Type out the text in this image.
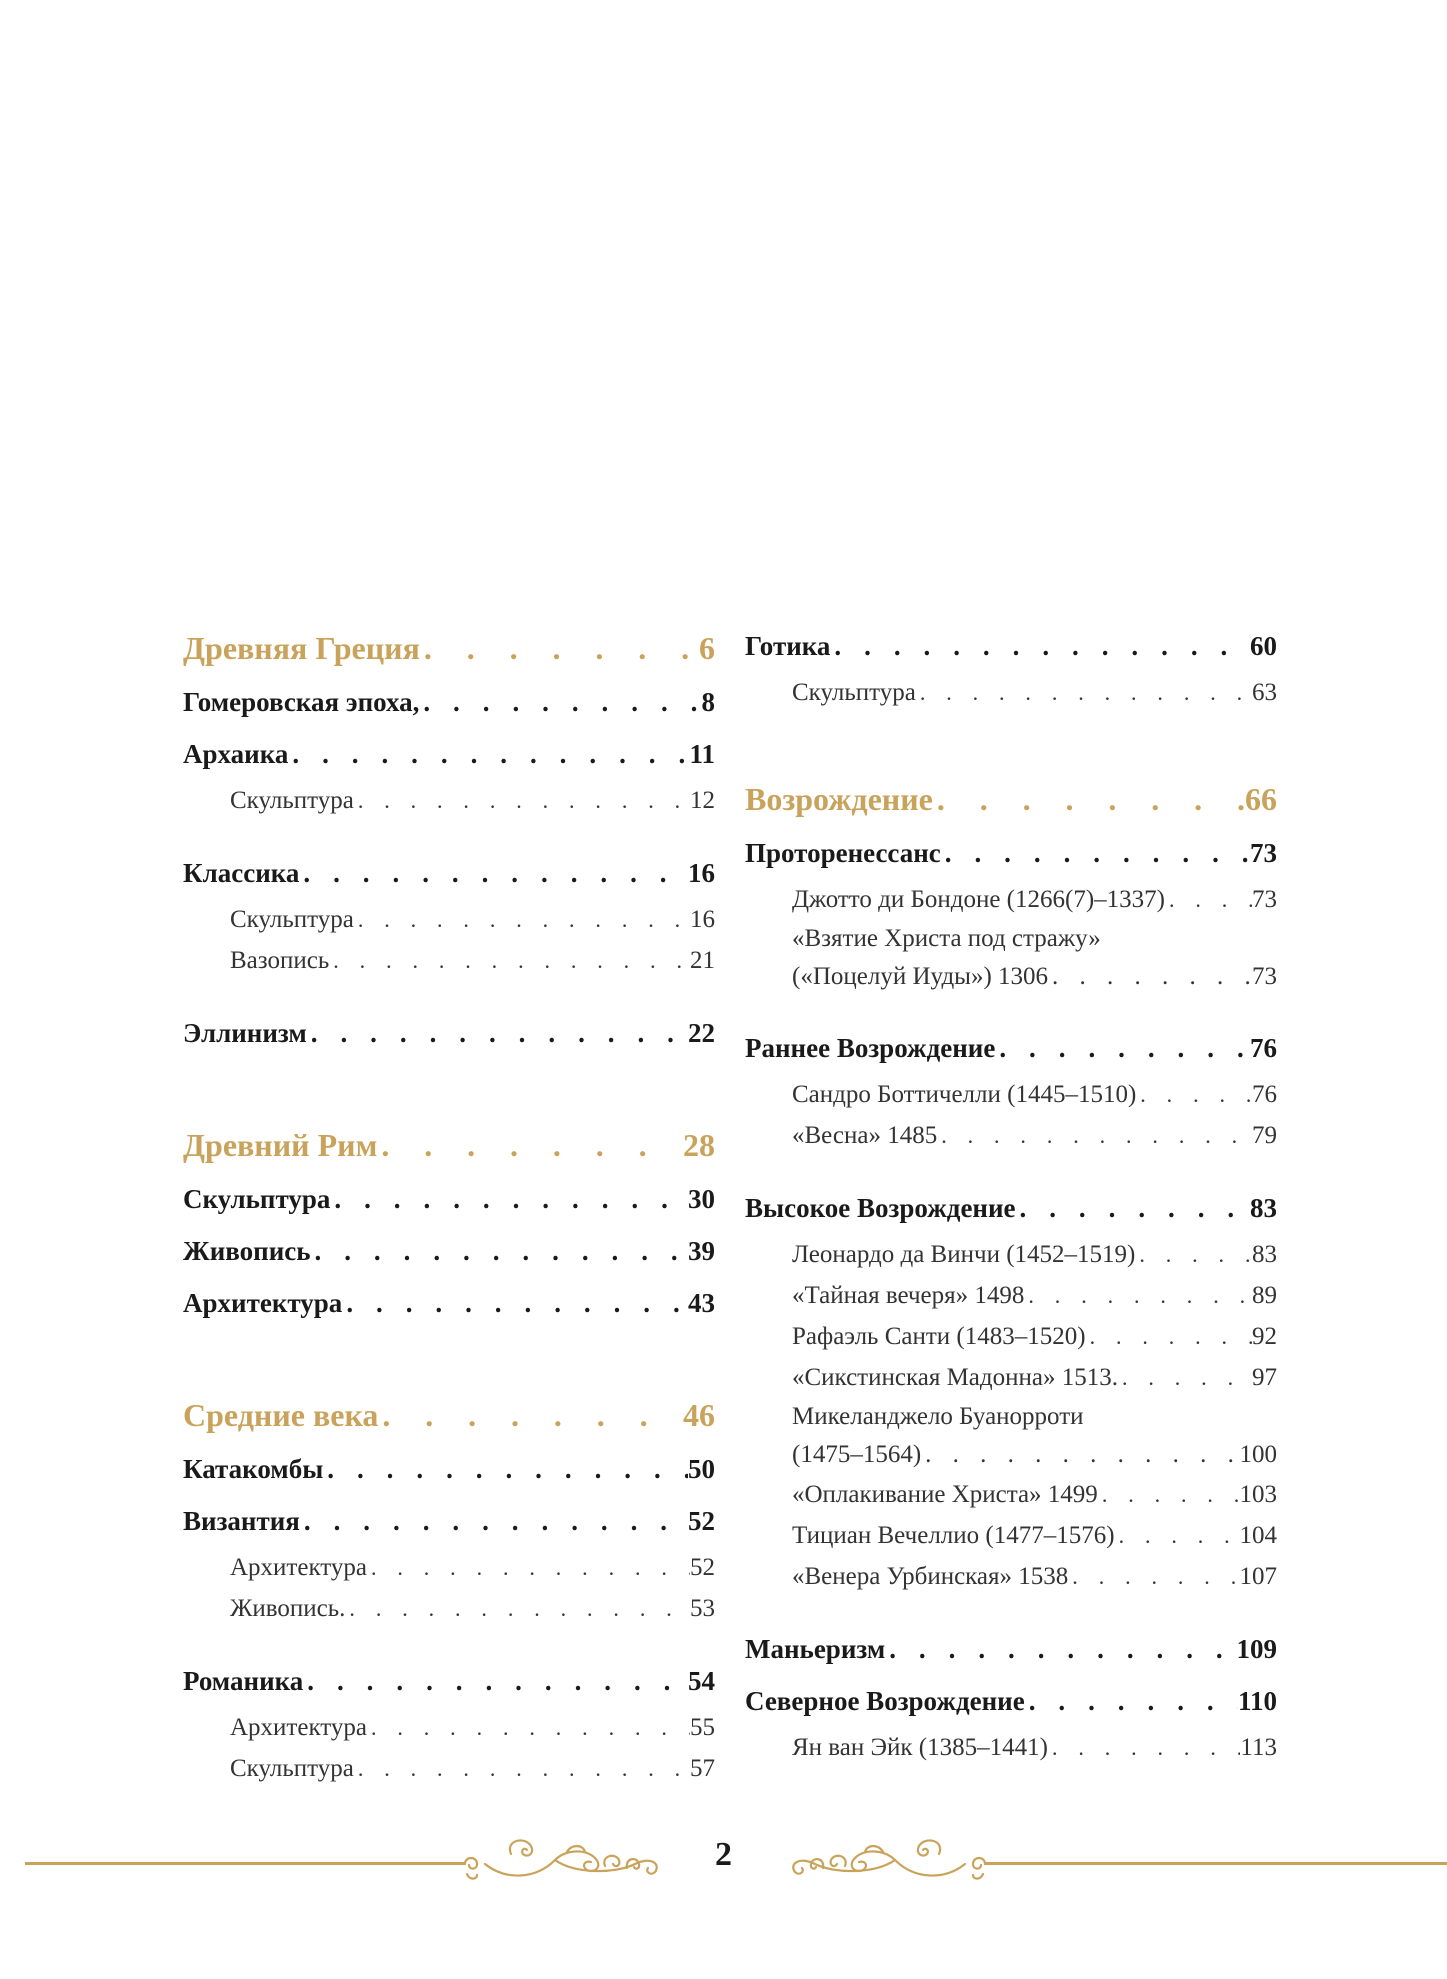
Древняя Греция . . .	6
Гомеровская эпоха, . . .	8
Архаика . . .	11
Скульптура . . .	12
Классика . . .	16
Скульптура . . .	16
Вазопись . . .	21
Эллинизм . . .	22
Древний Рим . . .	28
Скульптура . . .	30
Живопись . . .	39
Архитектура . . .	43
Средние века . . .	46
Катакомбы . . .	50
Византия . . .	52
Архитектура . . .	52
Живопись. . . .	53
Романика . . .	54
Архитектура . . .	55
Скульптура . . .	57
Готика . . .	60
Скульптура . . .	63
Возрождение . . .	66
Проторенессанс . . .	73
Джотто ди Бондоне (1266(7)–1337) . . .	73
«Взятие Христа под стражу»
(«Поцелуй Иуды») 1306 . . .	73
Раннее Возрождение . . .	76
Сандро Боттичелли (1445–1510) . . .	76
«Весна» 1485 . . .	79
Высокое Возрождение . . .	83
Леонардо да Винчи (1452–1519) . . .	83
«Тайная вечеря» 1498 . . .	89
Рафаэль Санти (1483–1520) . . .	92
«Сикстинская Мадонна» 1513. . . .	97
Микеланджело Буанорроти
(1475–1564) . . .	100
«Оплакивание Христа» 1499 . . .	103
Тициан Вечеллио (1477–1576) . . .	104
«Венера Урбинская» 1538 . . .	107
Маньеризм . . .	109
Северное Возрождение . . .	110
Ян ван Эйк (1385–1441) . . .	113
2
